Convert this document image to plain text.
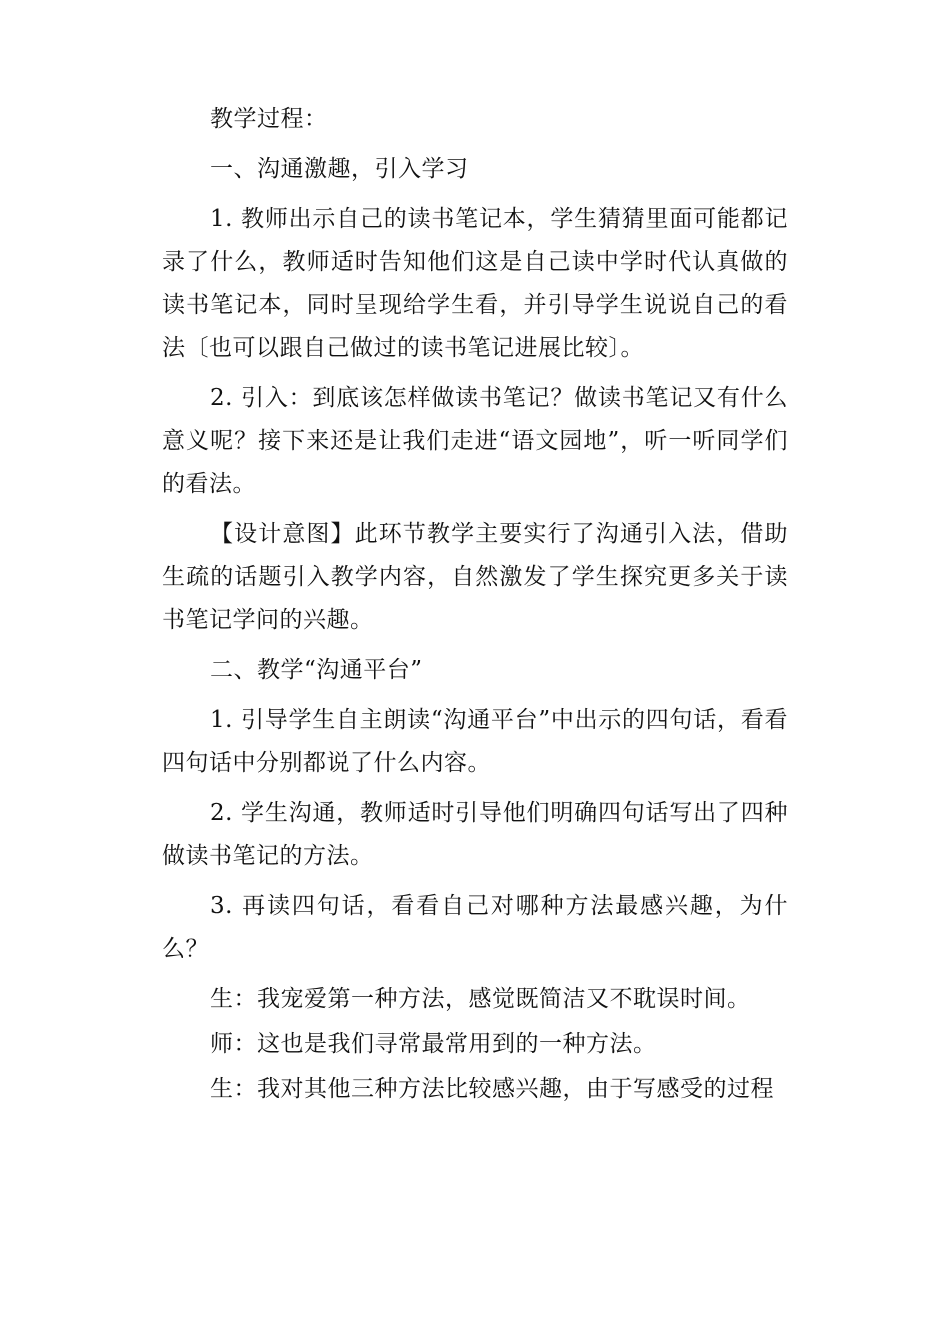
教学过程：

一、沟通激趣，引入学习

1. 教师出示自己的读书笔记本，学生猜猜里面可能都记录了什么，教师适时告知他们这是自己读中学时代认真做的读书笔记本，同时呈现给学生看，并引导学生说说自己的看法〔也可以跟自己做过的读书笔记进展比较〕。

2. 引入：到底该怎样做读书笔记？做读书笔记又有什么意义呢？接下来还是让我们走进“语文园地”，听一听同学们的看法。

【设计意图】此环节教学主要实行了沟通引入法，借助生疏的话题引入教学内容，自然激发了学生探究更多关于读书笔记学问的兴趣。

二、教学“沟通平台”

1. 引导学生自主朗读“沟通平台”中出示的四句话，看看四句话中分别都说了什么内容。

2. 学生沟通，教师适时引导他们明确四句话写出了四种做读书笔记的方法。

3. 再读四句话，看看自己对哪种方法最感兴趣，为什么？

生：我宠爱第一种方法，感觉既简洁又不耽误时间。

师：这也是我们寻常最常用到的一种方法。

生：我对其他三种方法比较感兴趣，由于写感受的过程
